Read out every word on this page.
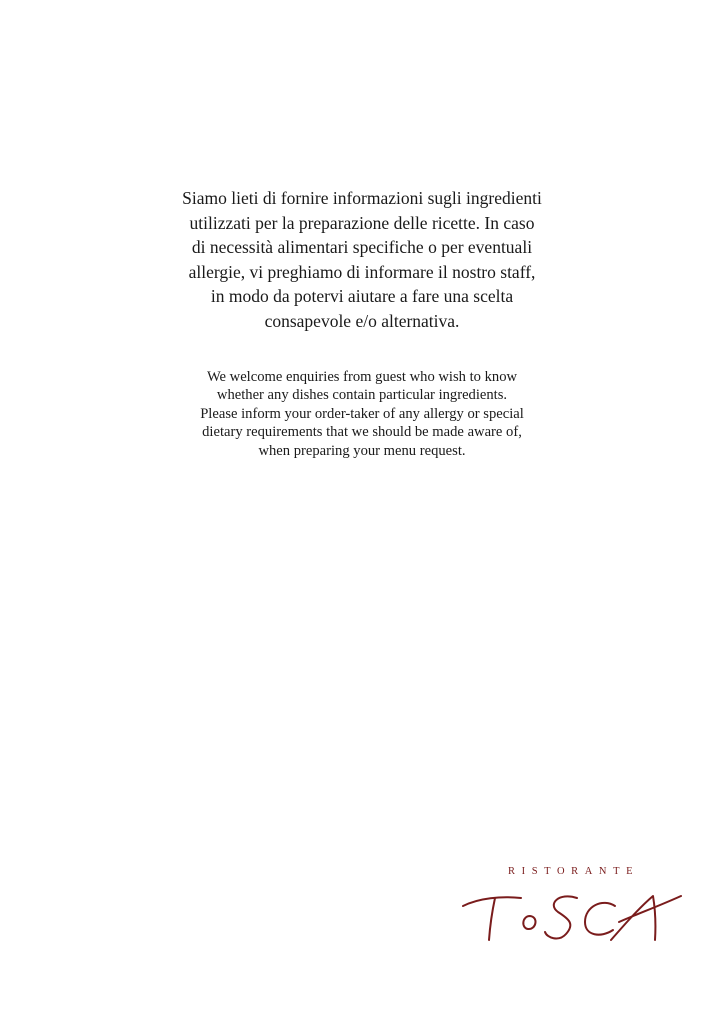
Siamo lieti di fornire informazioni sugli ingredienti
utilizzati per la preparazione delle ricette. In caso
di necessità alimentari specifiche o per eventuali
allergie, vi preghiamo di informare il nostro staff,
in modo da potervi aiutare a fare una scelta
consapevole e/o alternativa.

We welcome enquiries from guest who wish to know
whether any dishes contain particular ingredients.
Please inform your order-taker of any allergy or special
dietary requirements that we should be made aware of,
when preparing your menu request.

RISTORANTE
